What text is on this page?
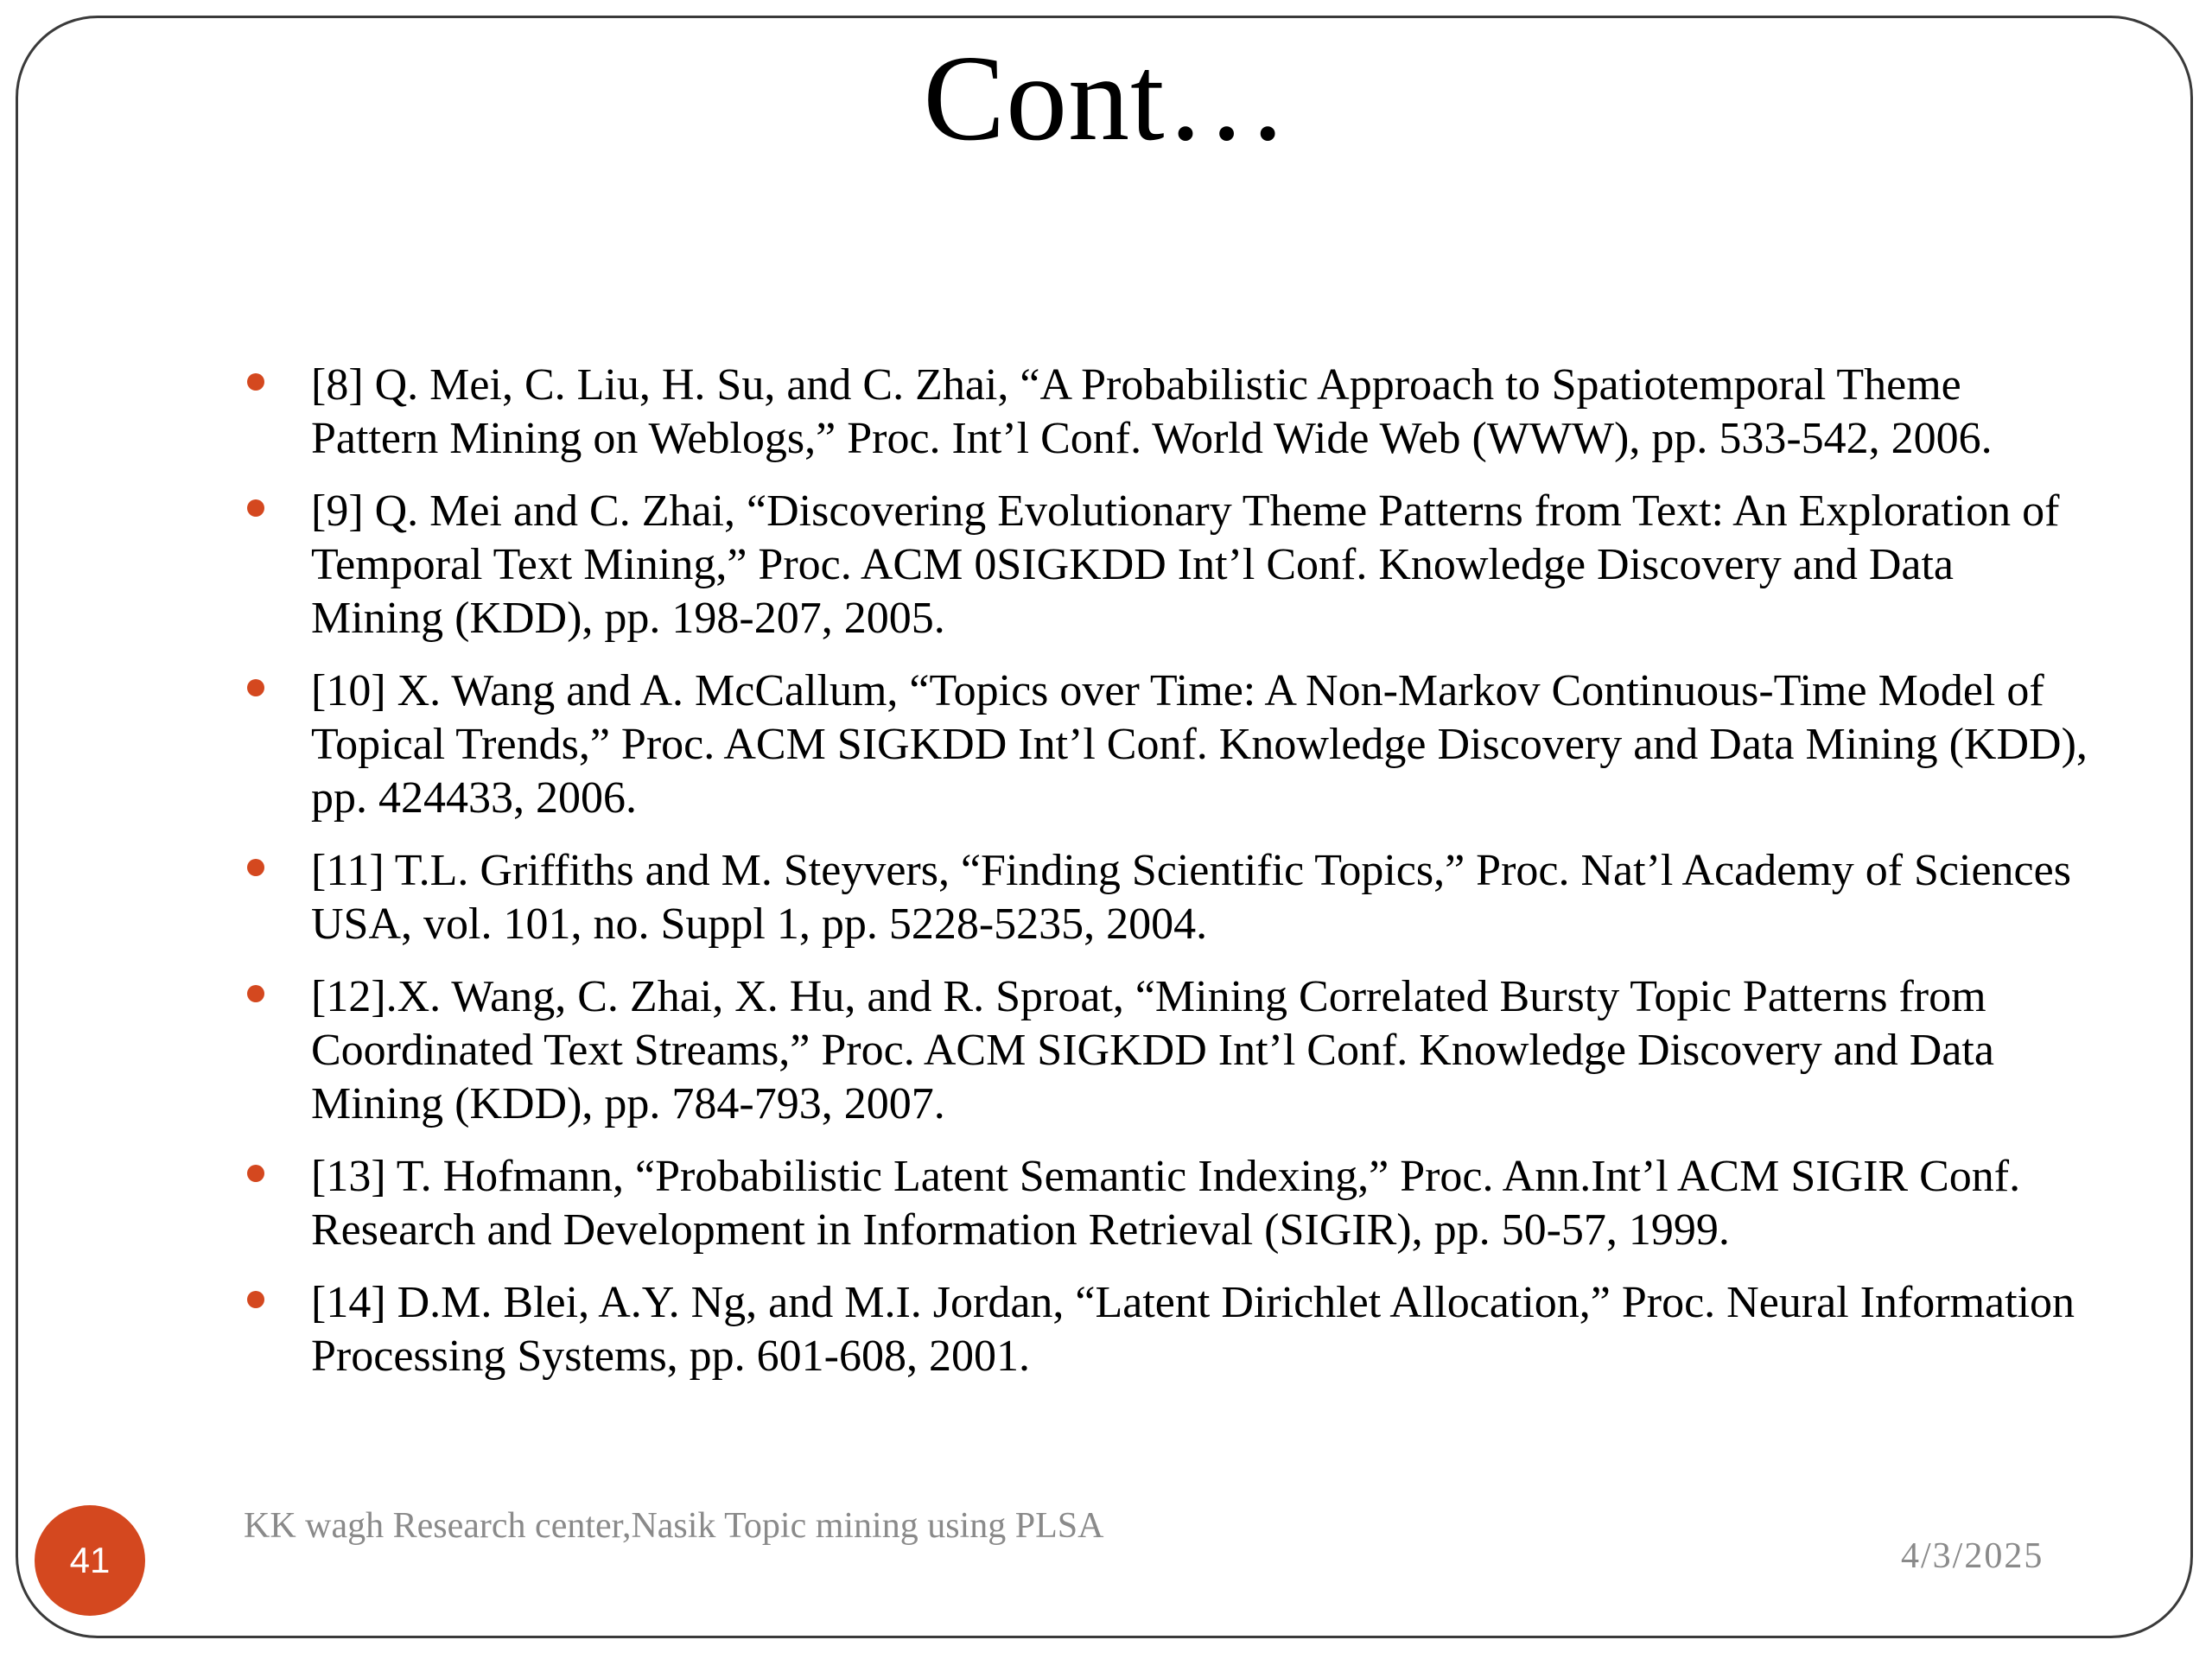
Cont…
[8] Q. Mei, C. Liu, H. Su, and C. Zhai, “A Probabilistic Approach to Spatiotemporal Theme Pattern Mining on Weblogs,” Proc. Int’l Conf. World Wide Web (WWW), pp. 533-542, 2006.
[9] Q. Mei and C. Zhai, “Discovering Evolutionary Theme Patterns from Text: An Exploration of Temporal Text Mining,” Proc. ACM 0SIGKDD Int’l Conf. Knowledge Discovery and Data Mining (KDD), pp. 198-207, 2005.
[10] X. Wang and A. McCallum, “Topics over Time: A Non-Markov Continuous-Time Model of Topical Trends,” Proc. ACM SIGKDD Int’l Conf. Knowledge Discovery and Data Mining (KDD), pp. 424433, 2006.
[11] T.L. Griffiths and M. Steyvers, “Finding Scientific Topics,” Proc. Nat’l Academy of Sciences USA, vol. 101, no. Suppl 1, pp. 5228-5235, 2004.
[12].X. Wang, C. Zhai, X. Hu, and R. Sproat, “Mining Correlated Bursty Topic Patterns from Coordinated Text Streams,” Proc. ACM SIGKDD Int’l Conf. Knowledge Discovery and Data Mining (KDD), pp. 784-793, 2007.
[13] T. Hofmann, “Probabilistic Latent Semantic Indexing,” Proc. Ann.Int’l ACM SIGIR Conf. Research and Development in Information Retrieval (SIGIR), pp. 50-57, 1999.
[14] D.M. Blei, A.Y. Ng, and M.I. Jordan, “Latent Dirichlet Allocation,” Proc. Neural Information Processing Systems, pp. 601-608, 2001.
41
KK wagh Research center,Nasik Topic mining using PLSA
4/3/2025
